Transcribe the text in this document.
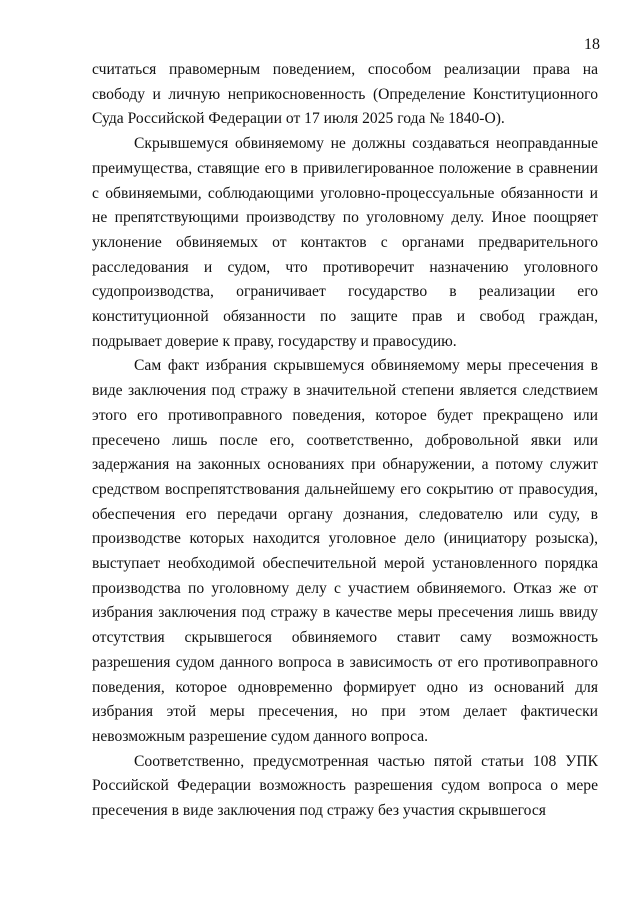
18

считаться правомерным поведением, способом реализации права на свободу и личную неприкосновенность (Определение Конституционного Суда Российской Федерации от 17 июля 2025 года № 1840-О).

Скрывшемуся обвиняемому не должны создаваться неоправданные преимущества, ставящие его в привилегированное положение в сравнении с обвиняемыми, соблюдающими уголовно-процессуальные обязанности и не препятствующими производству по уголовному делу. Иное поощряет уклонение обвиняемых от контактов с органами предварительного расследования и судом, что противоречит назначению уголовного судопроизводства, ограничивает государство в реализации его конституционной обязанности по защите прав и свобод граждан, подрывает доверие к праву, государству и правосудию.

Сам факт избрания скрывшемуся обвиняемому меры пресечения в виде заключения под стражу в значительной степени является следствием этого его противоправного поведения, которое будет прекращено или пресечено лишь после его, соответственно, добровольной явки или задержания на законных основаниях при обнаружении, а потому служит средством воспрепятствования дальнейшему его сокрытию от правосудия, обеспечения его передачи органу дознания, следователю или суду, в производстве которых находится уголовное дело (инициатору розыска), выступает необходимой обеспечительной мерой установленного порядка производства по уголовному делу с участием обвиняемого. Отказ же от избрания заключения под стражу в качестве меры пресечения лишь ввиду отсутствия скрывшегося обвиняемого ставит саму возможность разрешения судом данного вопроса в зависимость от его противоправного поведения, которое одновременно формирует одно из оснований для избрания этой меры пресечения, но при этом делает фактически невозможным разрешение судом данного вопроса.

Соответственно, предусмотренная частью пятой статьи 108 УПК Российской Федерации возможность разрешения судом вопроса о мере пресечения в виде заключения под стражу без участия скрывшегося
